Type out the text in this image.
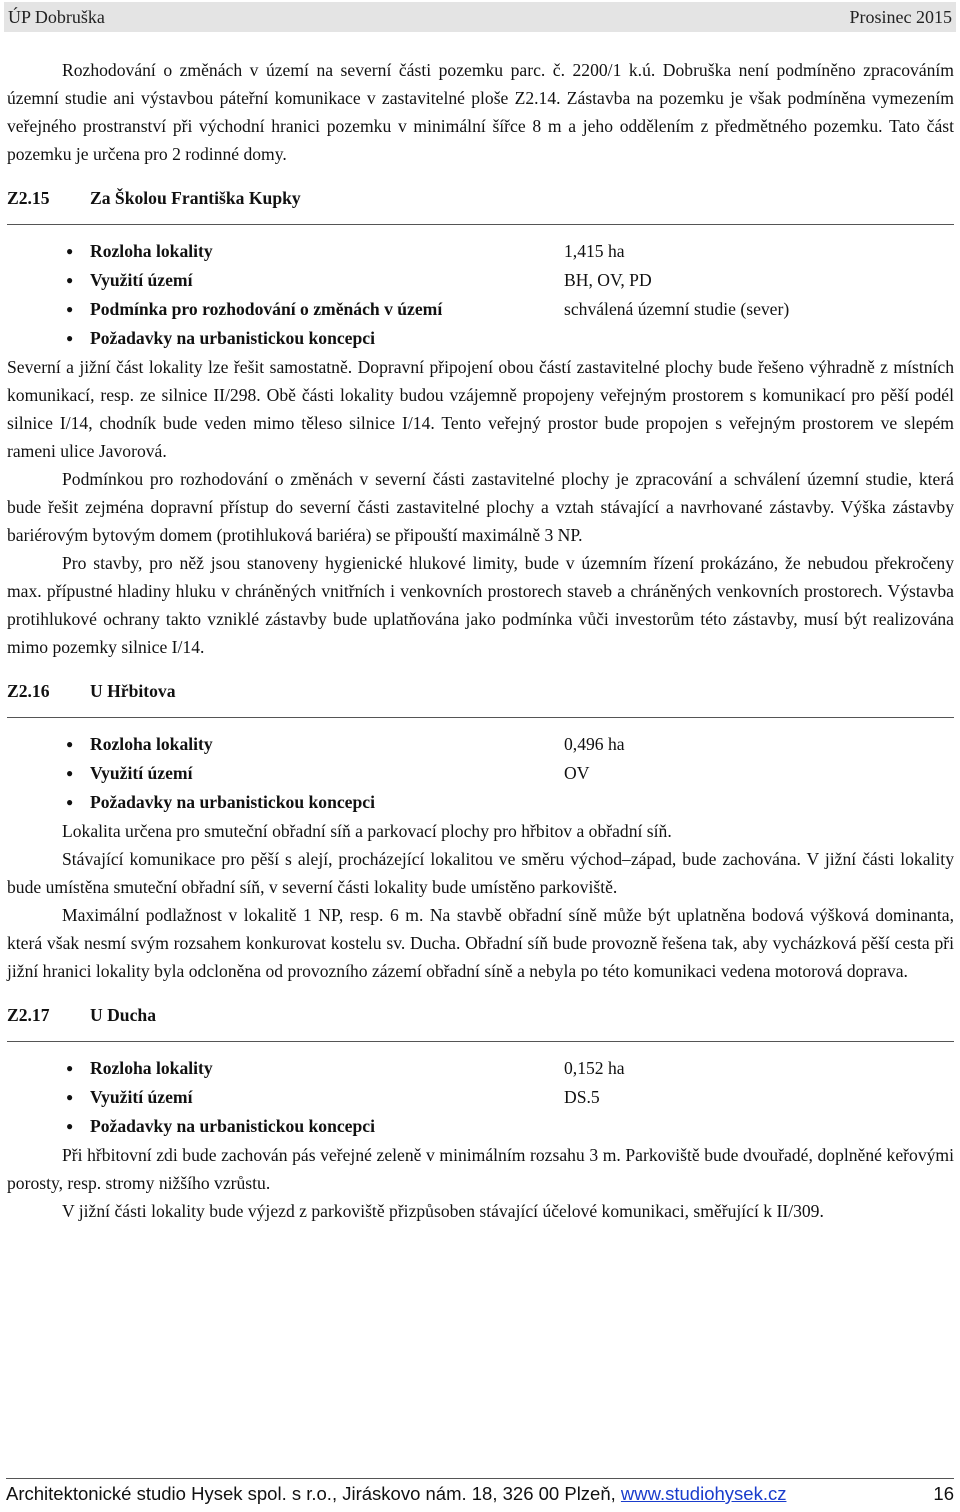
ÚP Dobruška	Prosinec 2015

Rozhodování o změnách v území na severní části pozemku parc. č. 2200/1 k.ú. Dobruška není podmíněno zpracováním územní studie ani výstavbou páteřní komunikace v zastavitelné ploše Z2.14. Zástavba na pozemku je však podmíněna vymezením veřejného prostranství při východní hranici pozemku v minimální šířce 8 m a jeho oddělením z předmětného pozemku. Tato část pozemku je určena pro 2 rodinné domy.

Z2.15	Za Školou Františka Kupky
● Rozloha lokality	1,415 ha
● Využití území	BH, OV, PD
● Podmínka pro rozhodování o změnách v území	schválená územní studie (sever)
● Požadavky na urbanistickou koncepci

Severní a jižní část lokality lze řešit samostatně. Dopravní připojení obou částí zastavitelné plochy bude řešeno výhradně z místních komunikací, resp. ze silnice II/298. Obě části lokality budou vzájemně propojeny veřejným prostorem s komunikací pro pěší podél silnice I/14, chodník bude veden mimo těleso silnice I/14. Tento veřejný prostor bude propojen s veřejným prostorem ve slepém rameni ulice Javorová.

Podmínkou pro rozhodování o změnách v severní části zastavitelné plochy je zpracování a schválení územní studie, která bude řešit zejména dopravní přístup do severní části zastavitelné plochy a vztah stávající a navrhované zástavby. Výška zástavby bariérovým bytovým domem (protihluková bariéra) se připouští maximálně 3 NP.

Pro stavby, pro něž jsou stanoveny hygienické hlukové limity, bude v územním řízení prokázáno, že nebudou překročeny max. přípustné hladiny hluku v chráněných vnitřních i venkovních prostorech staveb a chráněných venkovních prostorech. Výstavba protihlukové ochrany takto vzniklé zástavby bude uplatňována jako podmínka vůči investorům této zástavby, musí být realizována mimo pozemky silnice I/14.

Z2.16	U Hřbitova
● Rozloha lokality	0,496 ha
● Využití území	OV
● Požadavky na urbanistickou koncepci

Lokalita určena pro smuteční obřadní síň a parkovací plochy pro hřbitov a obřadní síň.

Stávající komunikace pro pěší s alejí, procházející lokalitou ve směru východ–západ, bude zachována. V jižní části lokality bude umístěna smuteční obřadní síň, v severní části lokality bude umístěno parkoviště.

Maximální podlažnost v lokalitě 1 NP, resp. 6 m. Na stavbě obřadní síně může být uplatněna bodová výšková dominanta, která však nesmí svým rozsahem konkurovat kostelu sv. Ducha. Obřadní síň bude provozně řešena tak, aby vycházková pěší cesta při jižní hranici lokality byla odcloněna od provozního zázemí obřadní síně a nebyla po této komunikaci vedena motorová doprava.

Z2.17	U Ducha
● Rozloha lokality	0,152 ha
● Využití území	DS.5
● Požadavky na urbanistickou koncepci

Při hřbitovní zdi bude zachován pás veřejné zeleně v minimálním rozsahu 3 m. Parkoviště bude dvouřadé, doplněné keřovými porosty, resp. stromy nižšího vzrůstu.

V jižní části lokality bude výjezd z parkoviště přizpůsoben stávající účelové komunikaci, směřující k II/309.

Architektonické studio Hysek spol. s r.o., Jiráskovo nám. 18, 326 00 Plzeň, www.studiohysek.cz	16
